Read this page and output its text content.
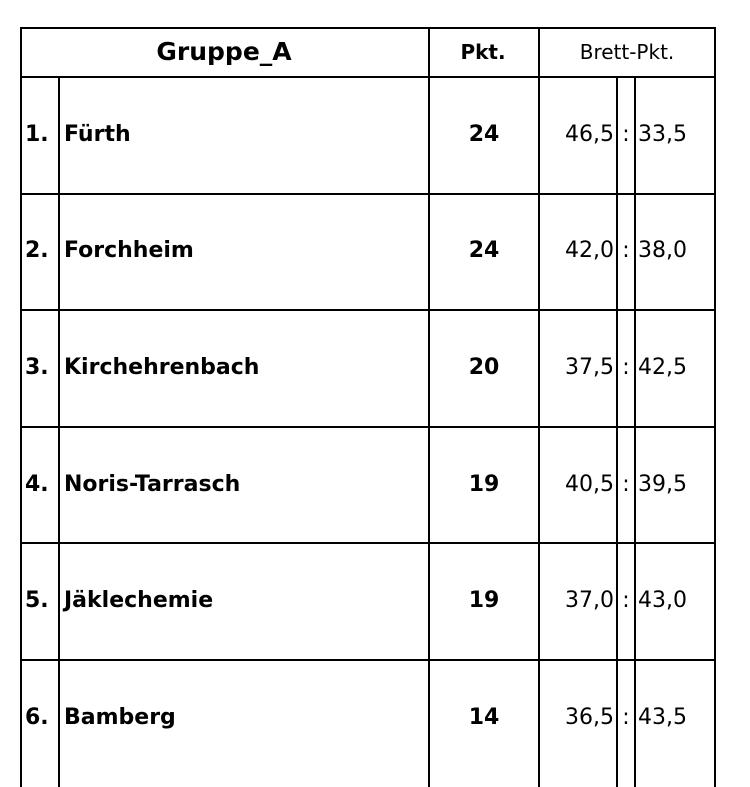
Gruppe_A	Pkt.	Brett-Pkt.
1. Fürth	24	46,5 : 33,5
2. Forchheim	24	42,0 : 38,0
3. Kirchehrenbach	20	37,5 : 42,5
4. Noris-Tarrasch	19	40,5 : 39,5
5. Jäklechemie	19	37,0 : 43,0
6. Bamberg	14	36,5 : 43,5
